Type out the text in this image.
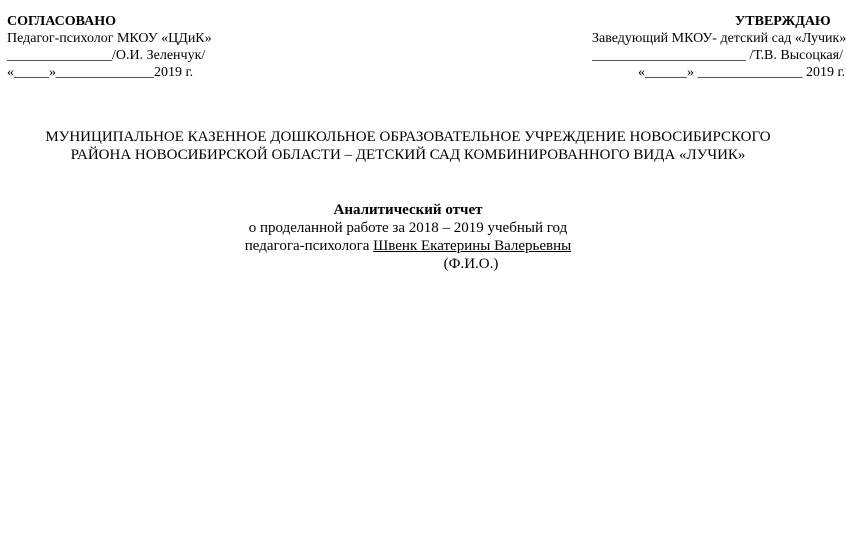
СОГЛАСОВАНО
Педагог-психолог МКОУ «ЦДиК»
_______________/О.И. Зеленчук/
«_____»______________2019 г.
УТВЕРЖДАЮ
Заведующий МКОУ- детский сад «Лучик»
______________________ /Т.В. Высоцкая/
«______» _______________ 2019 г.
МУНИЦИПАЛЬНОЕ КАЗЕННОЕ ДОШКОЛЬНОЕ ОБРАЗОВАТЕЛЬНОЕ УЧРЕЖДЕНИЕ НОВОСИБИРСКОГО
РАЙОНА НОВОСИБИРСКОЙ ОБЛАСТИ – ДЕТСКИЙ САД КОМБИНИРОВАННОГО ВИДА «ЛУЧИК»
Аналитический отчет
о проделанной работе за 2018 – 2019 учебный год
педагога-психолога Швенк Екатерины Валерьевны
(Ф.И.О.)
